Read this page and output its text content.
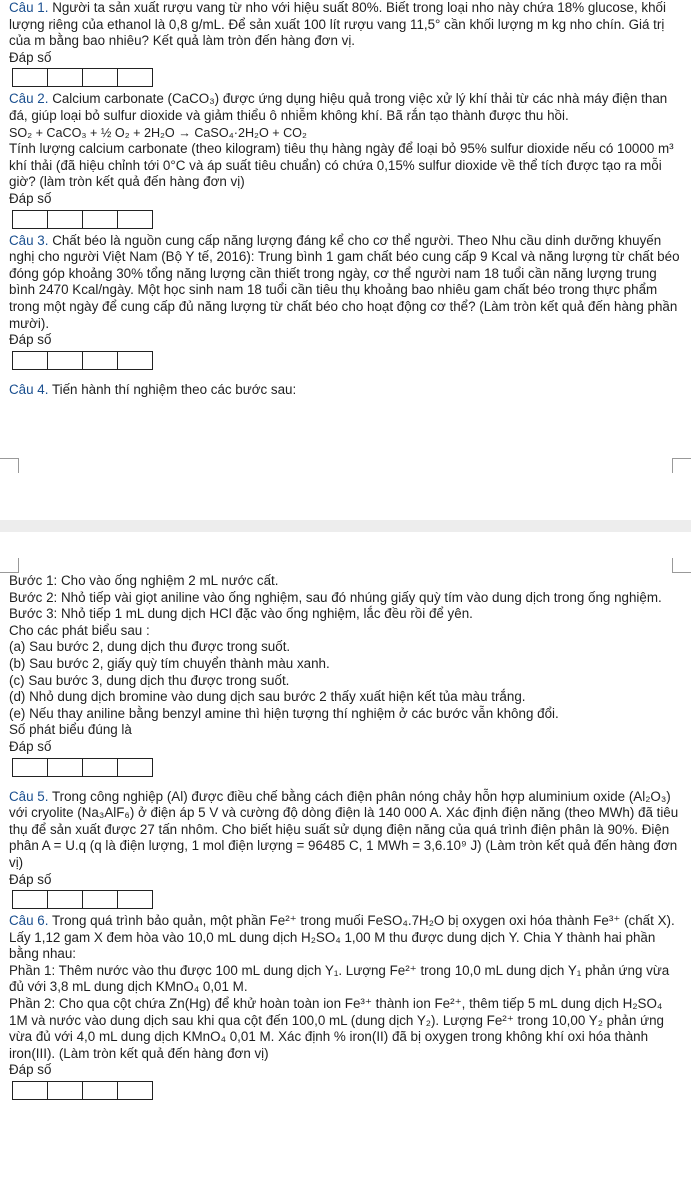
Câu 1. Người ta sản xuất rượu vang từ nho với hiệu suất 80%. Biết trong loại nho này chứa 18% glucose, khối lượng riêng của ethanol là 0,8 g/mL. Để sản xuất 100 lít rượu vang 11,5° cần khối lượng m kg nho chín. Giá trị của m bằng bao nhiêu? Kết quả làm tròn đến hàng đơn vị.

Đáp số

Câu 2. Calcium carbonate (CaCO₃) được ứng dụng hiệu quả trong việc xử lý khí thải từ các nhà máy điện than đá, giúp loại bỏ sulfur dioxide và giảm thiểu ô nhiễm không khí. Bã rắn tạo thành được thu hồi.

SO₂ + CaCO₃ + ½ O₂ + 2H₂O → CaSO₄·2H₂O + CO₂

Tính lượng calcium carbonate (theo kilogram) tiêu thụ hàng ngày để loại bỏ 95% sulfur dioxide nếu có 10000 m³ khí thải (đã hiệu chỉnh tới 0°C và áp suất tiêu chuẩn) có chứa 0,15% sulfur dioxide về thể tích được tạo ra mỗi giờ? (làm tròn kết quả đến hàng đơn vị)

Đáp số

Câu 3. Chất béo là nguồn cung cấp năng lượng đáng kể cho cơ thể người. Theo Nhu cầu dinh dưỡng khuyến nghị cho người Việt Nam (Bộ Y tế, 2016): Trung bình 1 gam chất béo cung cấp 9 Kcal và năng lượng từ chất béo đóng góp khoảng 30% tổng năng lượng cần thiết trong ngày, cơ thể người nam 18 tuổi cần năng lượng trung bình 2470 Kcal/ngày. Một học sinh nam 18 tuổi cần tiêu thụ khoảng bao nhiêu gam chất béo trong thực phẩm trong một ngày để cung cấp đủ năng lượng từ chất béo cho hoạt động cơ thể? (Làm tròn kết quả đến hàng phần mười).

Đáp số

Câu 4. Tiến hành thí nghiệm theo các bước sau:

Bước 1: Cho vào ống nghiệm 2 mL nước cất.

Bước 2: Nhỏ tiếp vài giọt aniline vào ống nghiệm, sau đó nhúng giấy quỳ tím vào dung dịch trong ống nghiệm.

Bước 3: Nhỏ tiếp 1 mL dung dịch HCl đặc vào ống nghiệm, lắc đều rồi để yên.

Cho các phát biểu sau :

(a) Sau bước 2, dung dịch thu được trong suốt.

(b) Sau bước 2, giấy quỳ tím chuyển thành màu xanh.

(c) Sau bước 3, dung dịch thu được trong suốt.

(d) Nhỏ dung dịch bromine vào dung dịch sau bước 2 thấy xuất hiện kết tủa màu trắng.

(e) Nếu thay aniline bằng benzyl amine thì hiện tượng thí nghiệm ở các bước vẫn không đổi.

Số phát biểu đúng là

Đáp số

Câu 5. Trong công nghiệp (Al) được điều chế bằng cách điện phân nóng chảy hỗn hợp aluminium oxide (Al₂O₃) với cryolite (Na₃AlF₆) ở điện áp 5 V và cường độ dòng điện là 140 000 A. Xác định điện năng (theo MWh) đã tiêu thụ để sản xuất được 27 tấn nhôm. Cho biết hiệu suất sử dụng điện năng của quá trình điện phân là 90%. Điện phân A = U.q (q là điện lượng, 1 mol điện lượng = 96485 C, 1 MWh = 3,6.10⁹ J) (Làm tròn kết quả đến hàng đơn vị)

Đáp số

Câu 6. Trong quá trình bảo quản, một phần Fe²⁺ trong muối FeSO₄.7H₂O bị oxygen oxi hóa thành Fe³⁺ (chất X). Lấy 1,12 gam X đem hòa vào 10,0 mL dung dịch H₂SO₄ 1,00 M thu được dung dịch Y. Chia Y thành hai phần bằng nhau:

Phần 1: Thêm nước vào thu được 100 mL dung dịch Y₁. Lượng Fe²⁺ trong 10,0 mL dung dịch Y₁ phản ứng vừa đủ với 3,8 mL dung dịch KMnO₄ 0,01 M.

Phần 2: Cho qua cột chứa Zn(Hg) để khử hoàn toàn ion Fe³⁺ thành ion Fe²⁺, thêm tiếp 5 mL dung dịch H₂SO₄ 1M và nước vào dung dịch sau khi qua cột đến 100,0 mL (dung dịch Y₂). Lượng Fe²⁺ trong 10,00 Y₂ phản ứng vừa đủ với 4,0 mL dung dịch KMnO₄ 0,01 M. Xác định % iron(II) đã bị oxygen trong không khí oxi hóa thành iron(III). (Làm tròn kết quả đến hàng đơn vị)

Đáp số
